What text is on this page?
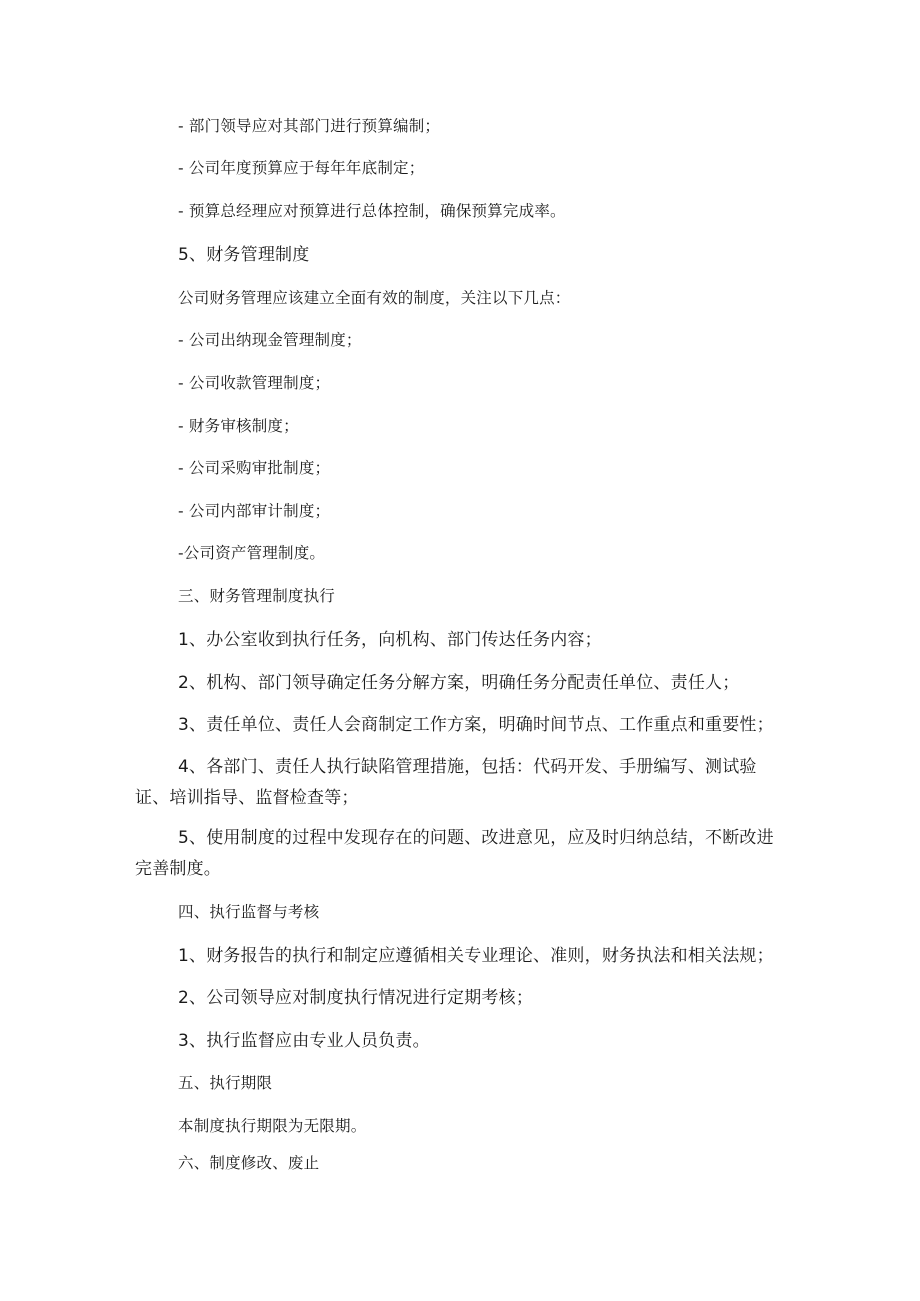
- 部门领导应对其部门进行预算编制；

- 公司年度预算应于每年年底制定；

- 预算总经理应对预算进行总体控制，确保预算完成率。

5、财务管理制度

公司财务管理应该建立全面有效的制度，关注以下几点：

- 公司出纳现金管理制度；

- 公司收款管理制度；

- 财务审核制度；

- 公司采购审批制度；

- 公司内部审计制度；

-公司资产管理制度。

三、财务管理制度执行

1、办公室收到执行任务，向机构、部门传达任务内容；

2、机构、部门领导确定任务分解方案，明确任务分配责任单位、责任人；

3、责任单位、责任人会商制定工作方案，明确时间节点、工作重点和重要性；

4、各部门、责任人执行缺陷管理措施，包括：代码开发、手册编写、测试验证、培训指导、监督检查等；

5、使用制度的过程中发现存在的问题、改进意见，应及时归纳总结，不断改进完善制度。

四、执行监督与考核

1、财务报告的执行和制定应遵循相关专业理论、准则，财务执法和相关法规；

2、公司领导应对制度执行情况进行定期考核；

3、执行监督应由专业人员负责。

五、执行期限

本制度执行期限为无限期。

六、制度修改、废止
